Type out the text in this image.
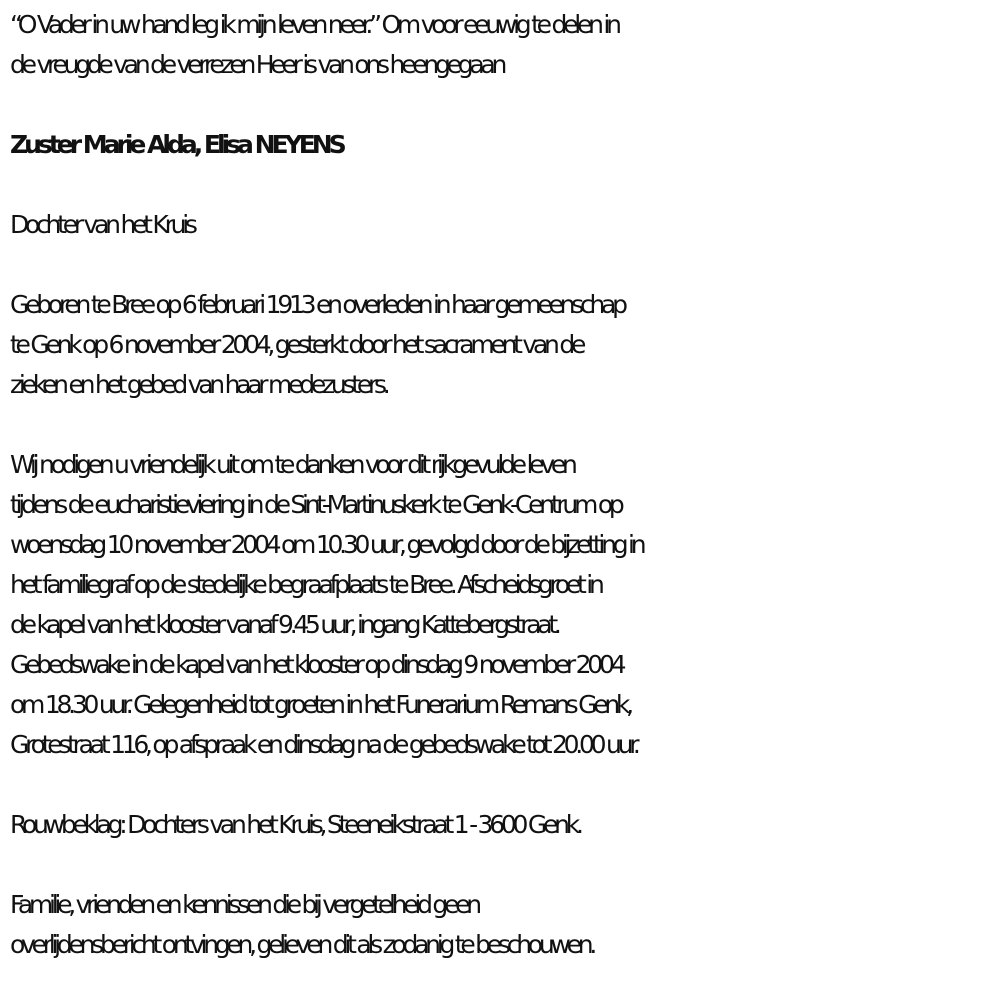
“O Vader in uw hand leg ik mijn leven neer.” Om voor eeuwig te delen in
de vreugde van de verrezen Heer is van ons heengegaan
Zuster Marie Alda, Elisa NEYENS
Dochter van het Kruis
Geboren te Bree op 6 februari 1913 en overleden in haar gemeenschap
te Genk op 6 november 2004, gesterkt door het sacrament van de
zieken en het gebed van haar medezusters.
Wij nodigen u vriendelijk uit om te danken voor dit rijkgevulde leven
tijdens de eucharistieviering in de Sint-Martinuskerk te Genk-Centrum op
woensdag 10 november 2004 om 10.30 uur, gevolgd door de bijzetting in
het familiegraf op de stedelijke begraafplaats te Bree. Afscheidsgroet in
de kapel van het klooster vanaf 9.45 uur, ingang Kattebergstraat.
Gebedswake in de kapel van het klooster op dinsdag 9 november 2004
om 18.30 uur. Gelegenheid tot groeten in het Funerarium Remans Genk,
Grotestraat 116, op afspraak en dinsdag na de gebedswake tot 20.00 uur.
Rouwbeklag: Dochters van het Kruis, Steeneikstraat 1 - 3600 Genk.
Familie, vrienden en kennissen die bij vergetelheid geen
overlijdensbericht ontvingen, gelieven dit als zodanig te beschouwen.
